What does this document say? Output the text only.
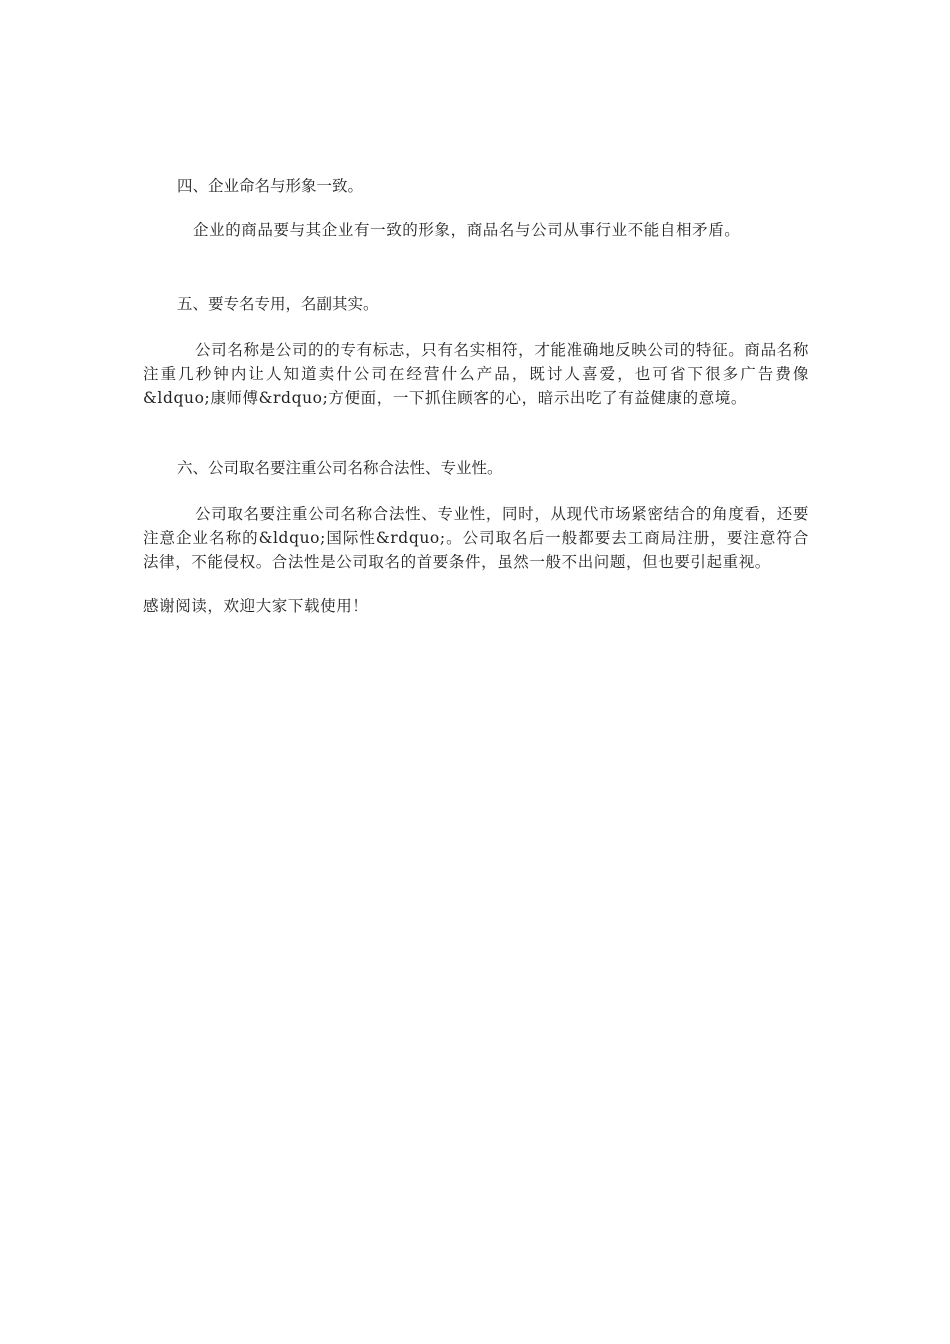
四、企业命名与形象一致。

企业的商品要与其企业有一致的形象，商品名与公司从事行业不能自相矛盾。

五、要专名专用，名副其实。

公司名称是公司的的专有标志，只有名实相符，才能准确地反映公司的特征。商品名称注重几秒钟内让人知道卖什公司在经营什么产品，既讨人喜爱，也可省下很多广告费像&ldquo;康师傅&rdquo;方便面，一下抓住顾客的心，暗示出吃了有益健康的意境。

六、公司取名要注重公司名称合法性、专业性。

公司取名要注重公司名称合法性、专业性，同时，从现代市场紧密结合的角度看，还要注意企业名称的&ldquo;国际性&rdquo;。公司取名后一般都要去工商局注册，要注意符合法律，不能侵权。合法性是公司取名的首要条件，虽然一般不出问题，但也要引起重视。

感谢阅读，欢迎大家下载使用！
